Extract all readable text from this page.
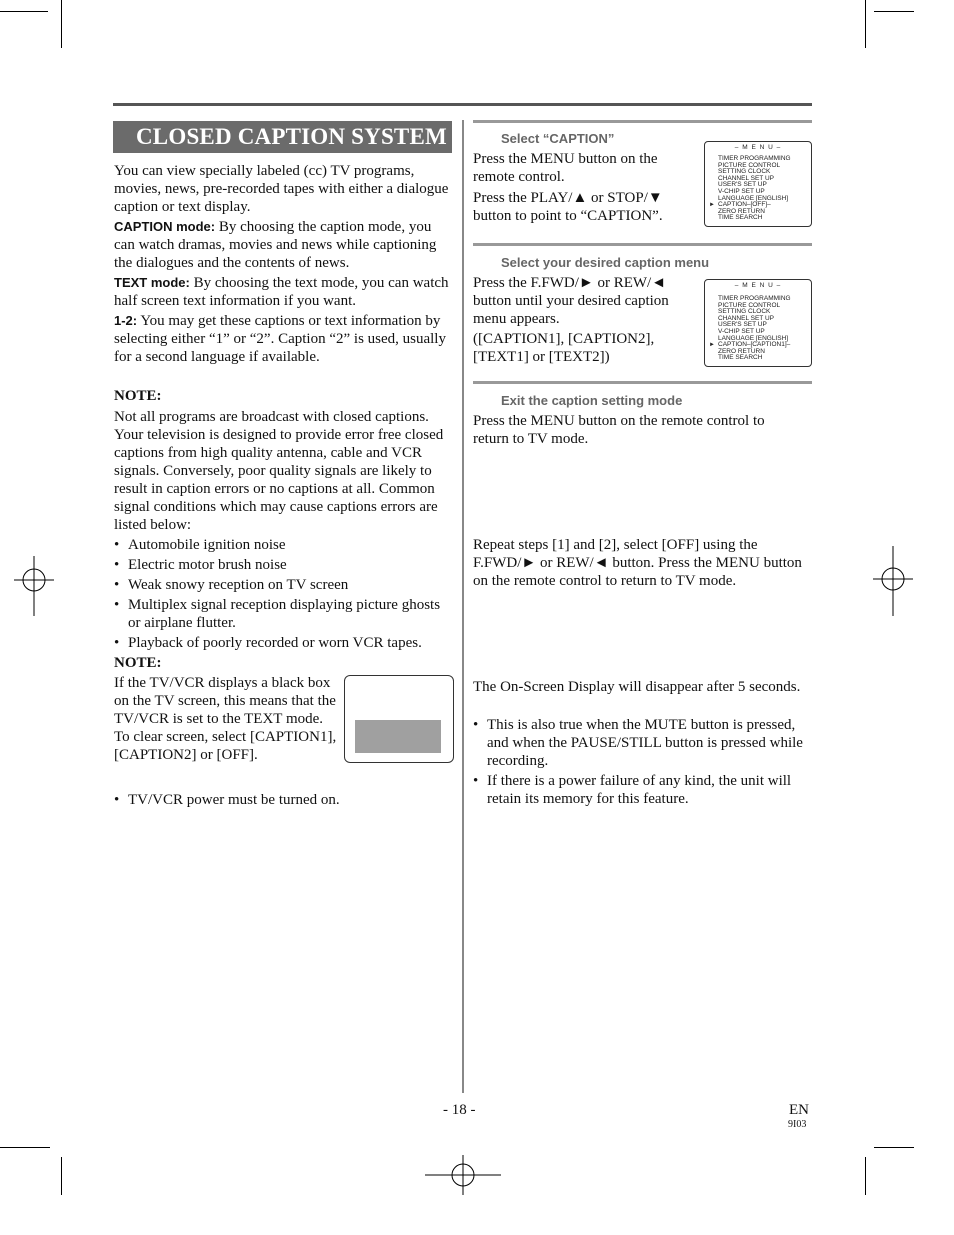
CLOSED CAPTION SYSTEM
You can view specially labeled (cc) TV programs, movies, news, pre-recorded tapes with either a dialogue caption or text display.
CAPTION mode: By choosing the caption mode, you can watch dramas, movies and news while captioning the dialogues and the contents of news.
TEXT mode: By choosing the text mode, you can watch half screen text information if you want.
1-2: You may get these captions or text information by selecting either “1” or “2”. Caption “2” is used, usually for a second language if available.
NOTE:
Not all programs are broadcast with closed captions. Your television is designed to provide error free closed captions from high quality antenna, cable and VCR signals. Conversely, poor quality signals are likely to result in caption errors or no captions at all. Common signal conditions which may cause captions errors are listed below:
• Automobile ignition noise
• Electric motor brush noise
• Weak snowy reception on TV screen
• Multiplex signal reception displaying picture ghosts or airplane flutter.
• Playback of poorly recorded or worn VCR tapes.
NOTE:
If the TV/VCR displays a black box on the TV screen, this means that the TV/VCR is set to the TEXT mode. To clear screen, select [CAPTION1], [CAPTION2] or [OFF].
• TV/VCR power must be turned on.
Select “CAPTION”
Press the MENU button on the remote control.
Press the PLAY/▲ or STOP/▼ button to point to “CAPTION”.
– M E N U –
TIMER PROGRAMMING
PICTURE CONTROL
SETTING CLOCK
CHANNEL SET UP
USER'S SET UP
V-CHIP SET UP
LANGUAGE [ENGLISH]
CAPTION–[OFF]–
ZERO RETURN
TIME SEARCH
►
Select your desired caption menu
Press the F.FWD/► or REW/◄ button until your desired caption menu appears.
([CAPTION1], [CAPTION2], [TEXT1] or [TEXT2])
– M E N U –
TIMER PROGRAMMING
PICTURE CONTROL
SETTING CLOCK
CHANNEL SET UP
USER'S SET UP
V-CHIP SET UP
LANGUAGE [ENGLISH]
CAPTION–[CAPTION1]–
ZERO RETURN
TIME SEARCH
►
Exit the caption setting mode
Press the MENU button on the remote control to return to TV mode.
Repeat steps [1] and [2], select [OFF] using the F.FWD/► or REW/◄ button. Press the MENU button on the remote control to return to TV mode.
The On-Screen Display will disappear after 5 seconds.
• This is also true when the MUTE button is pressed, and when the PAUSE/STILL button is pressed while recording.
• If there is a power failure of any kind, the unit will retain its memory for this feature.
- 18 -	EN
9I03
